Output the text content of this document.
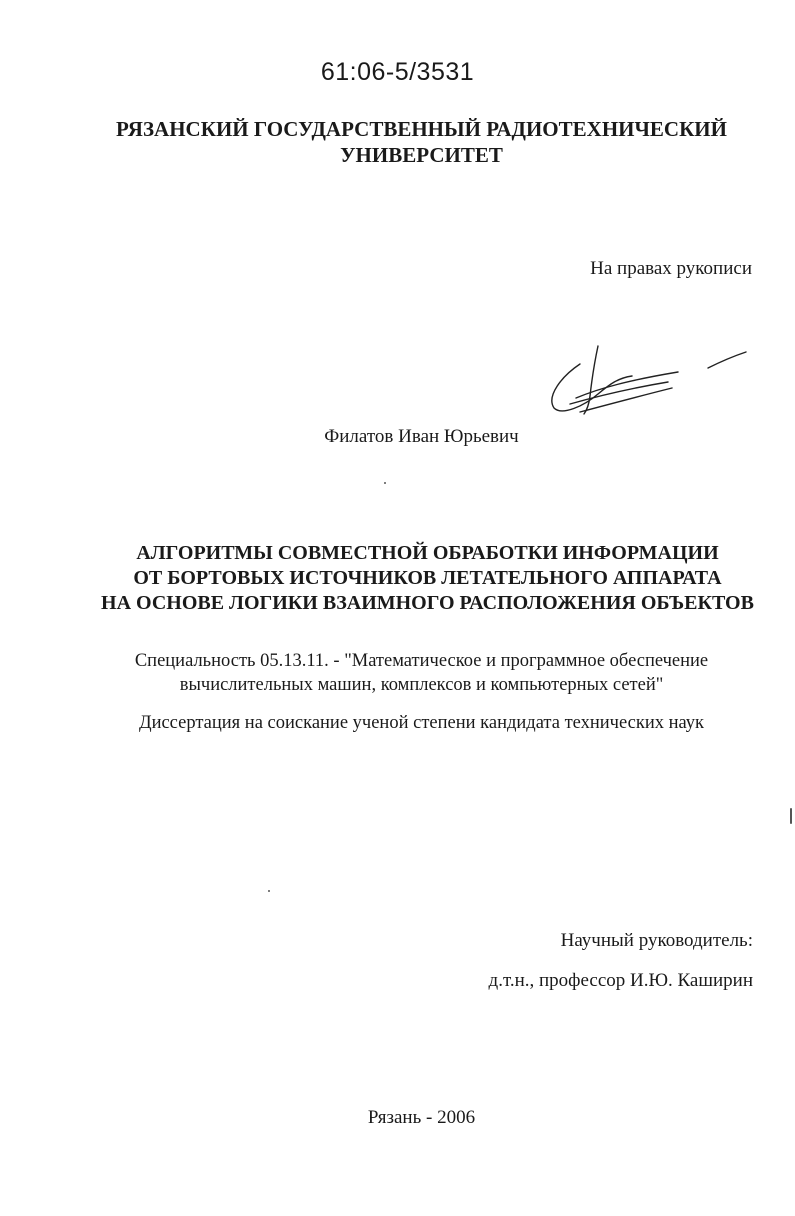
61:06-5/3531
РЯЗАНСКИЙ ГОСУДАРСТВЕННЫЙ РАДИОТЕХНИЧЕСКИЙ
УНИВЕРСИТЕТ
На правах рукописи
Филатов Иван Юрьевич
АЛГОРИТМЫ СОВМЕСТНОЙ ОБРАБОТКИ ИНФОРМАЦИИ
ОТ БОРТОВЫХ ИСТОЧНИКОВ ЛЕТАТЕЛЬНОГО АППАРАТА
НА ОСНОВЕ ЛОГИКИ ВЗАИМНОГО РАСПОЛОЖЕНИЯ ОБЪЕКТОВ
Специальность 05.13.11. - "Математическое и программное обеспечение
вычислительных машин, комплексов и компьютерных сетей"
Диссертация на соискание ученой степени кандидата технических наук
Научный руководитель:
д.т.н., профессор И.Ю. Каширин
Рязань - 2006
